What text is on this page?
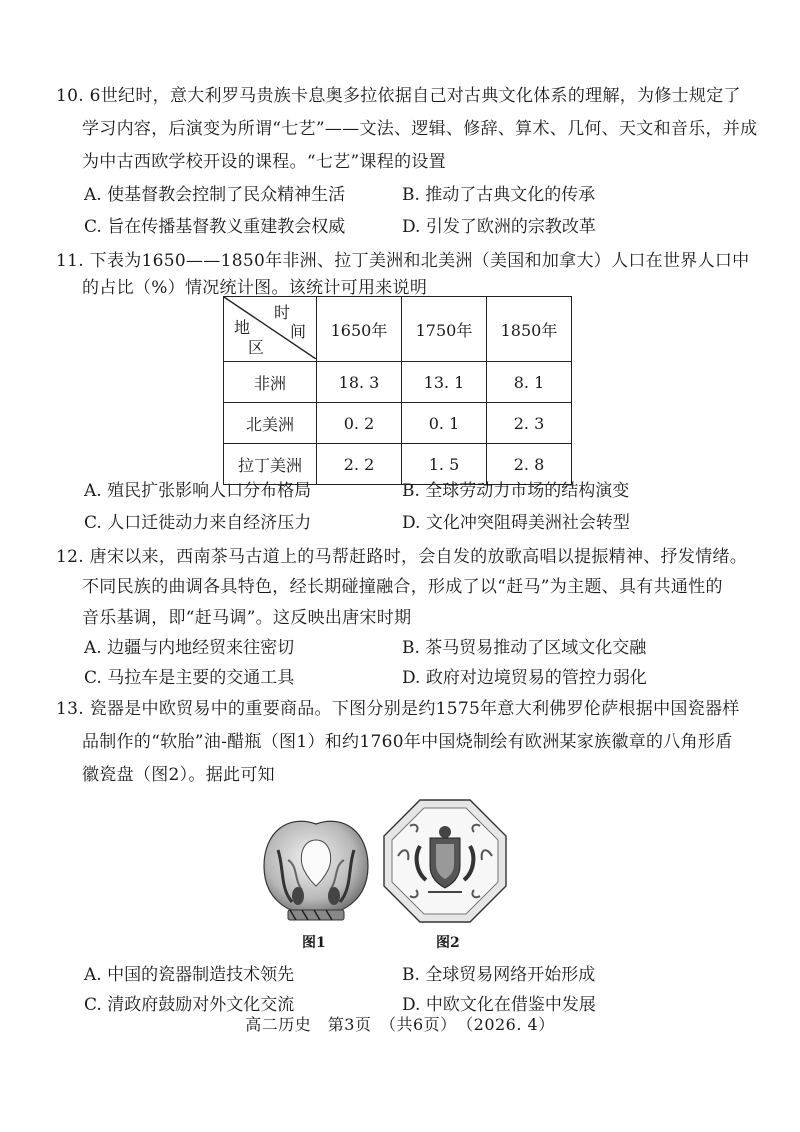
10. 6世纪时，意大利罗马贵族卡息奥多拉依据自己对古典文化体系的理解，为修士规定了
学习内容，后演变为所谓“七艺”——文法、逻辑、修辞、算术、几何、天文和音乐，并成
为中古西欧学校开设的课程。“七艺”课程的设置
A. 使基督教会控制了民众精神生活	B. 推动了古典文化的传承
C. 旨在传播基督教义重建教会权威	D. 引发了欧洲的宗教改革
11. 下表为1650——1850年非洲、拉丁美洲和北美洲（美国和加拿大）人口在世界人口中
的占比（%）情况统计图。该统计可用来说明
时
间
地
区	1650年	1750年	1850年
非洲	18. 3	13. 1	8. 1
北美洲	0. 2	0. 1	2. 3
拉丁美洲	2. 2	1. 5	2. 8
A. 殖民扩张影响人口分布格局	B. 全球劳动力市场的结构演变
C. 人口迁徙动力来自经济压力	D. 文化冲突阻碍美洲社会转型
12. 唐宋以来，西南茶马古道上的马帮赶路时，会自发的放歌高唱以提振精神、抒发情绪。
不同民族的曲调各具特色，经长期碰撞融合，形成了以“赶马”为主题、具有共通性的
音乐基调，即“赶马调”。这反映出唐宋时期
A. 边疆与内地经贸来往密切	B. 茶马贸易推动了区域文化交融
C. 马拉车是主要的交通工具	D. 政府对边境贸易的管控力弱化
13. 瓷器是中欧贸易中的重要商品。下图分别是约1575年意大利佛罗伦萨根据中国瓷器样
品制作的“软胎”油-醋瓶（图1）和约1760年中国烧制绘有欧洲某家族徽章的八角形盾
徽瓷盘（图2）。据此可知
图1	图2
A. 中国的瓷器制造技术领先	B. 全球贸易网络开始形成
C. 清政府鼓励对外文化交流	D. 中欧文化在借鉴中发展
高二历史　第3页　（共6页）　（2026. 4）
